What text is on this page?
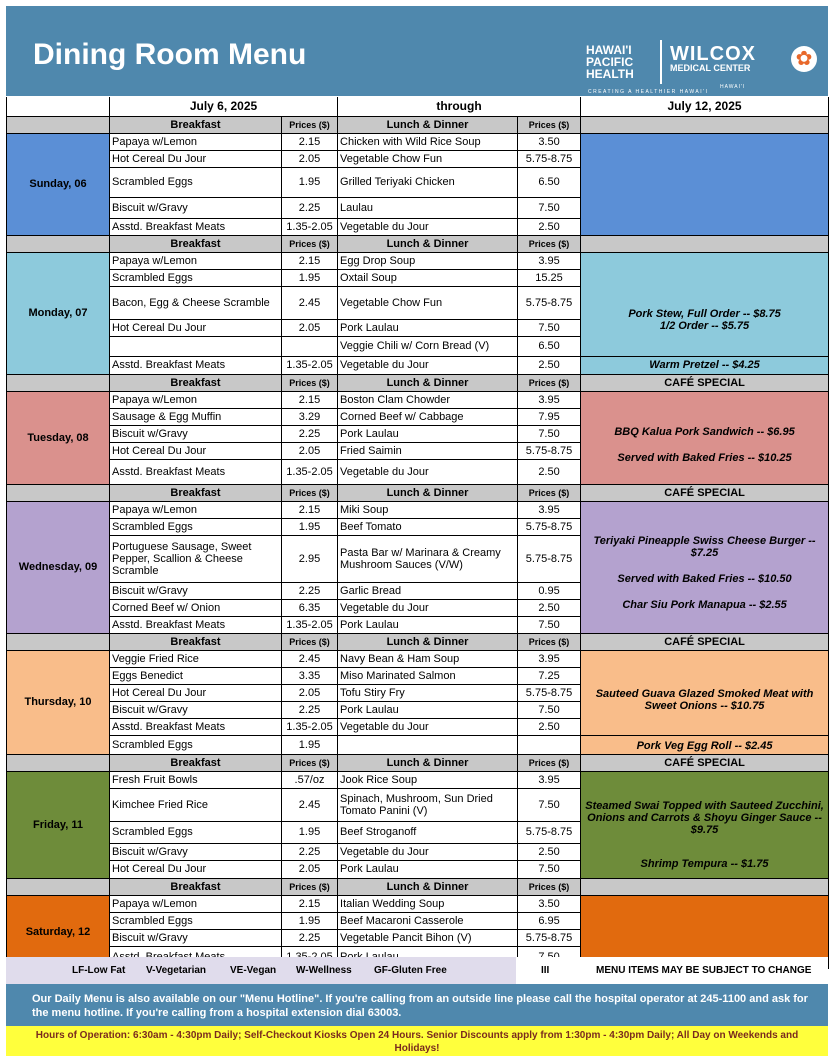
Dining Room Menu	HAWAI'I
PACIFIC
HEALTH
CREATING A HEALTHIER HAWAI'I
WILCOX
MEDICAL CENTER
HAWAI'I
✿
	July 6, 2025		through		July 12, 2025
	Breakfast	Prices ($)	Lunch & Dinner	Prices ($)	
Sunday, 06	Papaya w/Lemon	2.15	Chicken with Wild Rice Soup	3.50	
	Hot Cereal Du Jour	2.05	Vegetable Chow Fun	5.75-8.75	
	Scrambled Eggs	1.95	Grilled Teriyaki Chicken	6.50	
	Biscuit w/Gravy	2.25	Laulau	7.50	
	Asstd. Breakfast Meats	1.35-2.05	Vegetable du Jour	2.50	
	Breakfast	Prices ($)	Lunch & Dinner	Prices ($)	
Monday, 07	Papaya w/Lemon	2.15	Egg Drop Soup	3.95	Pork Stew, Full Order -- $8.75
1/2 Order -- $5.75

	Scrambled Eggs	1.95	Oxtail Soup	15.25	
	Bacon, Egg & Cheese Scramble	2.45	Vegetable Chow Fun	5.75-8.75	
	Hot Cereal Du Jour	2.05	Pork Laulau	7.50	
			Veggie Chili w/ Corn Bread (V)	6.50	
	Asstd. Breakfast Meats	1.35-2.05	Vegetable du Jour	2.50	Warm Pretzel -- $4.25

	Breakfast	Prices ($)	Lunch & Dinner	Prices ($)	CAFÉ SPECIAL
Tuesday, 08	Papaya w/Lemon	2.15	Boston Clam Chowder	3.95	BBQ Kalua Pork Sandwich -- $6.95
Served with Baked Fries -- $10.25

	Sausage & Egg Muffin	3.29	Corned Beef w/ Cabbage	7.95	
	Biscuit w/Gravy	2.25	Pork Laulau	7.50	
	Hot Cereal Du Jour	2.05	Fried Saimin	5.75-8.75	
	Asstd. Breakfast Meats	1.35-2.05	Vegetable du Jour	2.50	
	Breakfast	Prices ($)	Lunch & Dinner	Prices ($)	CAFÉ SPECIAL
Wednesday, 09	Papaya w/Lemon	2.15	Miki Soup	3.95	Teriyaki Pineapple Swiss Cheese Burger -- $7.25
Served with Baked Fries -- $10.50
Char Siu Pork Manapua -- $2.55

	Scrambled Eggs	1.95	Beef Tomato	5.75-8.75	
	Portuguese Sausage, Sweet Pepper, Scallion & Cheese Scramble	2.95	Pasta Bar w/ Marinara & Creamy Mushroom Sauces (V/W)	5.75-8.75	
	Biscuit w/Gravy	2.25	Garlic Bread	0.95	
	Corned Beef w/ Onion	6.35	Vegetable du Jour	2.50	
	Asstd. Breakfast Meats	1.35-2.05	Pork Laulau	7.50	
	Breakfast	Prices ($)	Lunch & Dinner	Prices ($)	CAFÉ SPECIAL
Thursday, 10	Veggie Fried Rice	2.45	Navy Bean & Ham Soup	3.95	Sauteed Guava Glazed Smoked Meat with Sweet Onions -- $10.75

	Eggs Benedict	3.35	Miso Marinated Salmon	7.25	
	Hot Cereal Du Jour	2.05	Tofu Stiry Fry	5.75-8.75	
	Biscuit w/Gravy	2.25	Pork Laulau	7.50	
	Asstd. Breakfast Meats	1.35-2.05	Vegetable du Jour	2.50	
	Scrambled Eggs	1.95			Pork Veg Egg Roll -- $2.45

	Breakfast	Prices ($)	Lunch & Dinner	Prices ($)	CAFÉ SPECIAL
Friday, 11	Fresh Fruit Bowls	.57/oz	Jook Rice Soup	3.95	Steamed Swai Topped with Sauteed Zucchini, Onions and Carrots & Shoyu Ginger Sauce -- $9.75
Shrimp Tempura -- $1.75

	Kimchee Fried Rice	2.45	Spinach, Mushroom, Sun Dried Tomato Panini (V)	7.50	
	Scrambled Eggs	1.95	Beef Stroganoff	5.75-8.75	
	Biscuit w/Gravy	2.25	Vegetable du Jour	2.50	
	Hot Cereal Du Jour	2.05	Pork Laulau	7.50	
	Breakfast	Prices ($)	Lunch & Dinner	Prices ($)	
Saturday, 12	Papaya w/Lemon	2.15	Italian Wedding Soup	3.50	
	Scrambled Eggs	1.95	Beef Macaroni Casserole	6.95	
	Biscuit w/Gravy	2.25	Vegetable Pancit Bihon (V)	5.75-8.75	

LF-Low Fat V-Vegetarian VE-Vegan W-Wellness GF-Gluten Free	III	MENU ITEMS MAY BE SUBJECT TO CHANGE
Our Daily Menu is also available on our "Menu Hotline". If you're calling from an outside line please call the hospital operator at 245-1100 and ask for the menu hotline. If you're calling from a hospital extension dial 63003.
Hours of Operation: 6:30am - 4:30pm Daily; Self-Checkout Kiosks Open 24 Hours. Senior Discounts apply from 1:30pm - 4:30pm Daily; All Day on Weekends and Holidays!
